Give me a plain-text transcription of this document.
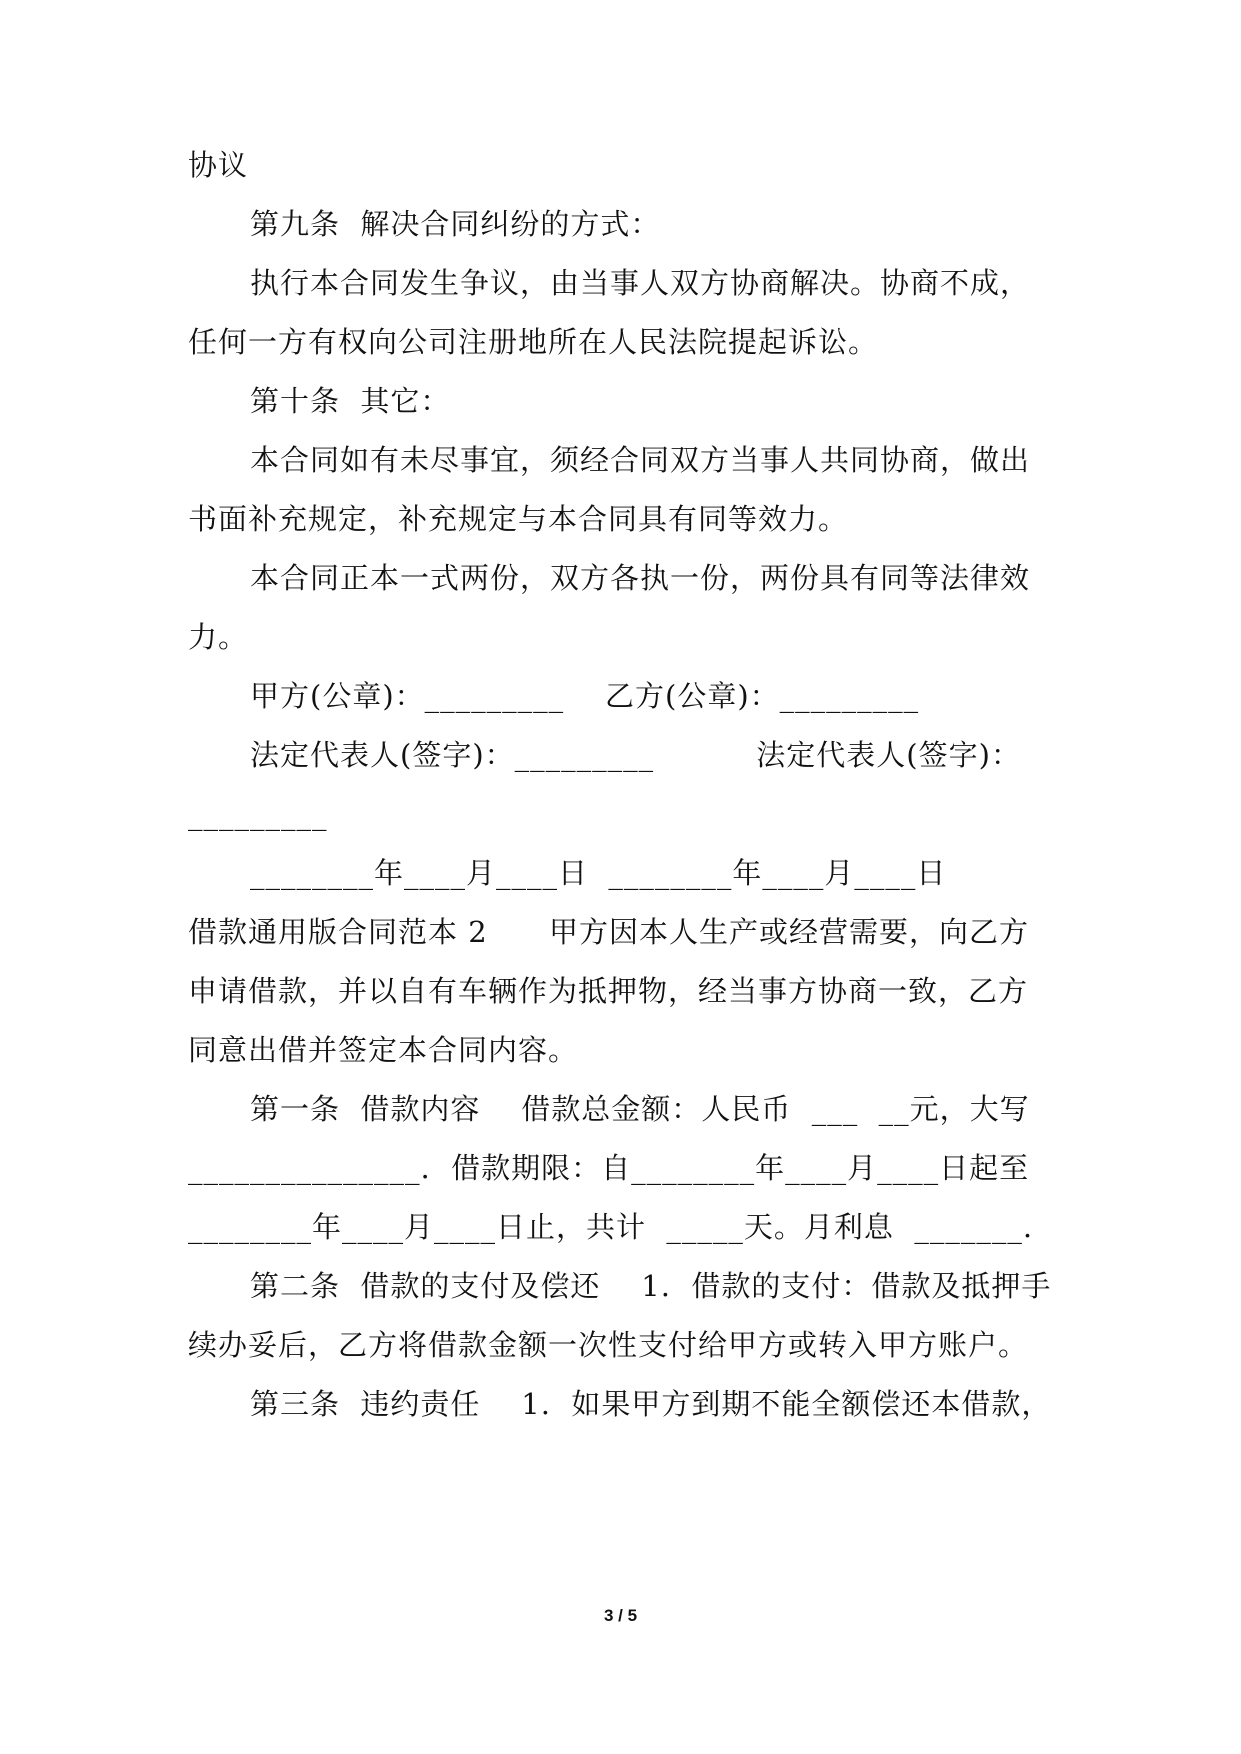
协议
第九条  解决合同纠纷的方式：
执行本合同发生争议，由当事人双方协商解决。协商不成，
任何一方有权向公司注册地所在人民法院提起诉讼。
第十条  其它：
本合同如有未尽事宜，须经合同双方当事人共同协商，做出
书面补充规定，补充规定与本合同具有同等效力。
本合同正本一式两份，双方各执一份，两份具有同等法律效
力。
甲方(公章)：_________    乙方(公章)：_________
法定代表人(签字)：_________          法定代表人(签字)：
_________
________年____月____日  ________年____月____日
借款通用版合同范本 2      甲方因本人生产或经营需要，向乙方
申请借款，并以自有车辆作为抵押物，经当事方协商一致，乙方
同意出借并签定本合同内容。
第一条  借款内容    借款总金额：人民币  ___  __元，大写
_______________.  借款期限：自________年____月____日起至
________年____月____日止，共计  _____天。月利息  _______.
第二条  借款的支付及偿还    1.  借款的支付：借款及抵押手
续办妥后，乙方将借款金额一次性支付给甲方或转入甲方账户。
第三条  违约责任    1.  如果甲方到期不能全额偿还本借款，
3 / 5
